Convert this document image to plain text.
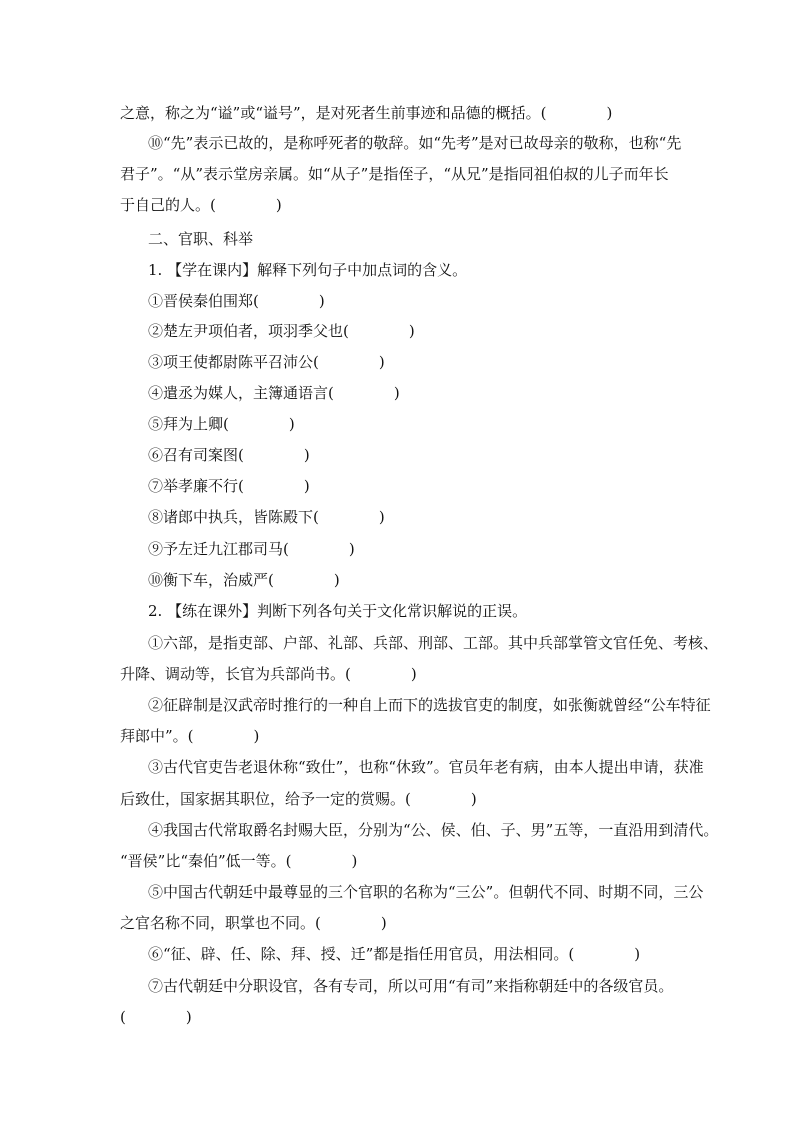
之意，称之为“谥”或“谥号”，是对死者生前事迹和品德的概括。(　　　　)
⑩“先”表示已故的，是称呼死者的敬辞。如“先考”是对已故母亲的敬称，也称“先
君子”。“从”表示堂房亲属。如“从子”是指侄子，“从兄”是指同祖伯叔的儿子而年长
于自己的人。(　　　　)
二、官职、科举
1. 【学在课内】解释下列句子中加点词的含义。
①晋侯秦伯围郑(　　　　)
②楚左尹项伯者，项羽季父也(　　　　)
③项王使都尉陈平召沛公(　　　　)
④遣丞为媒人，主簿通语言(　　　　)
⑤拜为上卿(　　　　)
⑥召有司案图(　　　　)
⑦举孝廉不行(　　　　)
⑧诸郎中执兵，皆陈殿下(　　　　)
⑨予左迁九江郡司马(　　　　)
⑩衡下车，治威严(　　　　)
2. 【练在课外】判断下列各句关于文化常识解说的正误。
①六部，是指吏部、户部、礼部、兵部、刑部、工部。其中兵部掌管文官任免、考核、
升降、调动等，长官为兵部尚书。(　　　　)
②征辟制是汉武帝时推行的一种自上而下的选拔官吏的制度，如张衡就曾经“公车特征
拜郎中”。(　　　　)
③古代官吏告老退休称“致仕”，也称“休致”。官员年老有病，由本人提出申请，获准
后致仕，国家据其职位，给予一定的赏赐。(　　　　)
④我国古代常取爵名封赐大臣，分别为“公、侯、伯、子、男”五等，一直沿用到清代。
“晋侯”比“秦伯”低一等。(　　　　)
⑤中国古代朝廷中最尊显的三个官职的名称为“三公”。但朝代不同、时期不同，三公
之官名称不同，职掌也不同。(　　　　)
⑥“征、辟、任、除、拜、授、迁”都是指任用官员，用法相同。(　　　　)
⑦古代朝廷中分职设官，各有专司，所以可用“有司”来指称朝廷中的各级官员。
(　　　　)
